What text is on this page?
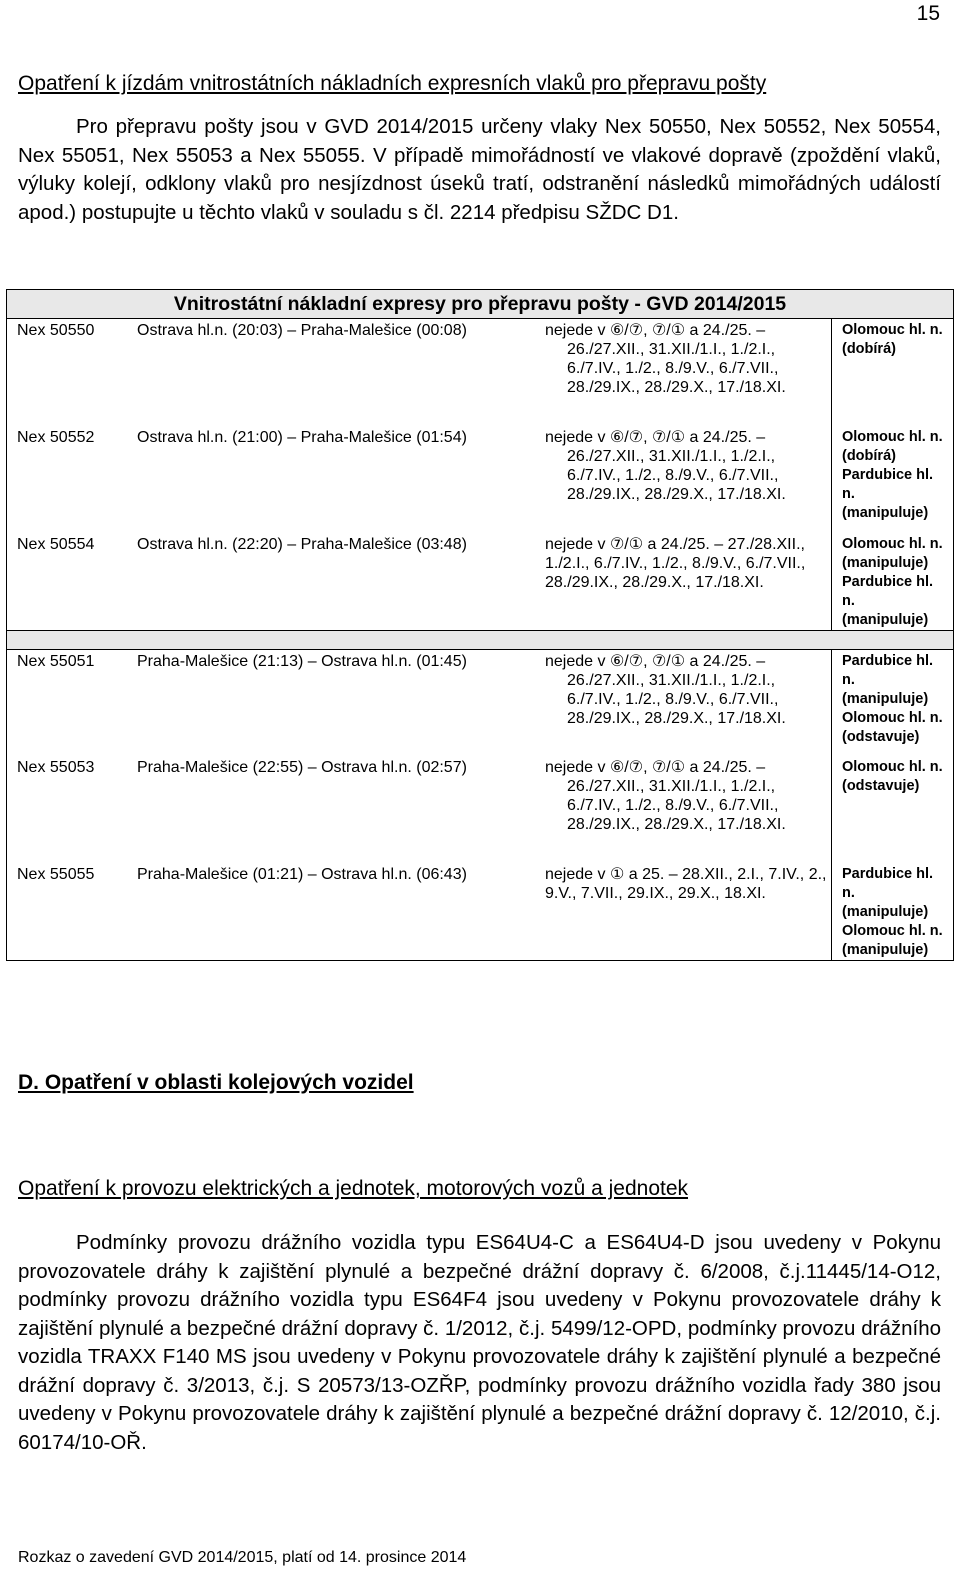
15
Opatření k jízdám vnitrostátních nákladních expresních vlaků pro přepravu pošty

Pro přepravu pošty jsou v GVD 2014/2015 určeny vlaky Nex 50550, Nex 50552, Nex 50554, Nex 55051, Nex 55053 a Nex 55055. V případě mimořádností ve vlakové dopravě (zpoždění vlaků, výluky kolejí, odklony vlaků pro nesjízdnost úseků tratí, odstranění následků mimořádných událostí apod.) postupujte u těchto vlaků v souladu s čl. 2214 předpisu SŽDC D1.

Vnitrostátní nákladní expresy pro přepravu pošty - GVD 2014/2015			
Nex 50550	Ostrava hl.n. (20:03) – Praha-Malešice (00:08)	nejede v ⑥/⑦, ⑦/① a 24./25. – 26./27.XII., 31.XII./1.I., 1./2.I., 6./7.IV., 1./2., 8./9.V., 6./7.VII., 28./29.IX., 28./29.X., 17./18.XI.	Olomouc hl. n.
(dobírá)

Nex 50552	Ostrava hl.n. (21:00) – Praha-Malešice (01:54)	nejede v ⑥/⑦, ⑦/① a 24./25. – 26./27.XII., 31.XII./1.I., 1./2.I., 6./7.IV., 1./2., 8./9.V., 6./7.VII., 28./29.IX., 28./29.X., 17./18.XI.	Olomouc hl. n.
(dobírá)
Pardubice hl. n.
(manipuluje)

Nex 50554	Ostrava hl.n. (22:20) – Praha-Malešice (03:48)	nejede v ⑦/① a 24./25. – 27./28.XII., 1./2.I., 6./7.IV., 1./2., 8./9.V., 6./7.VII., 28./29.IX., 28./29.X., 17./18.XI.	Olomouc hl. n.
(manipuluje)
Pardubice hl. n.
(manipuluje)

Nex 55051	Praha-Malešice (21:13) – Ostrava hl.n. (01:45)	nejede v ⑥/⑦, ⑦/① a 24./25. – 26./27.XII., 31.XII./1.I., 1./2.I., 6./7.IV., 1./2., 8./9.V., 6./7.VII., 28./29.IX., 28./29.X., 17./18.XI.	Pardubice hl. n.
(manipuluje)
Olomouc hl. n.
(odstavuje)

Nex 55053	Praha-Malešice (22:55) – Ostrava hl.n. (02:57)	nejede v ⑥/⑦, ⑦/① a 24./25. – 26./27.XII., 31.XII./1.I., 1./2.I., 6./7.IV., 1./2., 8./9.V., 6./7.VII., 28./29.IX., 28./29.X., 17./18.XI.	Olomouc hl. n.
(odstavuje)

Nex 55055	Praha-Malešice (01:21) – Ostrava hl.n. (06:43)	nejede v ① a 25. – 28.XII., 2.I., 7.IV., 2., 9.V., 7.VII., 29.IX., 29.X., 18.XI.	Pardubice hl. n.
(manipuluje)
Olomouc hl. n.
(manipuluje)
D. Opatření v oblasti kolejových vozidel
Opatření k provozu elektrických a jednotek, motorových vozů a jednotek

Podmínky provozu drážního vozidla typu ES64U4-C a ES64U4-D jsou uvedeny v Pokynu provozovatele dráhy k zajištění plynulé a bezpečné drážní dopravy č. 6/2008, č.j.11445/14-O12, podmínky provozu drážního vozidla typu ES64F4 jsou uvedeny v Pokynu provozovatele dráhy k zajištění plynulé a bezpečné drážní dopravy č. 1/2012, č.j. 5499/12-OPD, podmínky provozu drážního vozidla TRAXX F140 MS jsou uvedeny v Pokynu provozovatele dráhy k zajištění plynulé a bezpečné drážní dopravy č. 3/2013, č.j. S 20573/13-OZŘP, podmínky provozu drážního vozidla řady 380 jsou uvedeny v Pokynu provozovatele dráhy k zajištění plynulé a bezpečné drážní dopravy č. 12/2010, č.j. 60174/10-OŘ.

Rozkaz o zavedení GVD 2014/2015, platí od 14. prosince 2014
